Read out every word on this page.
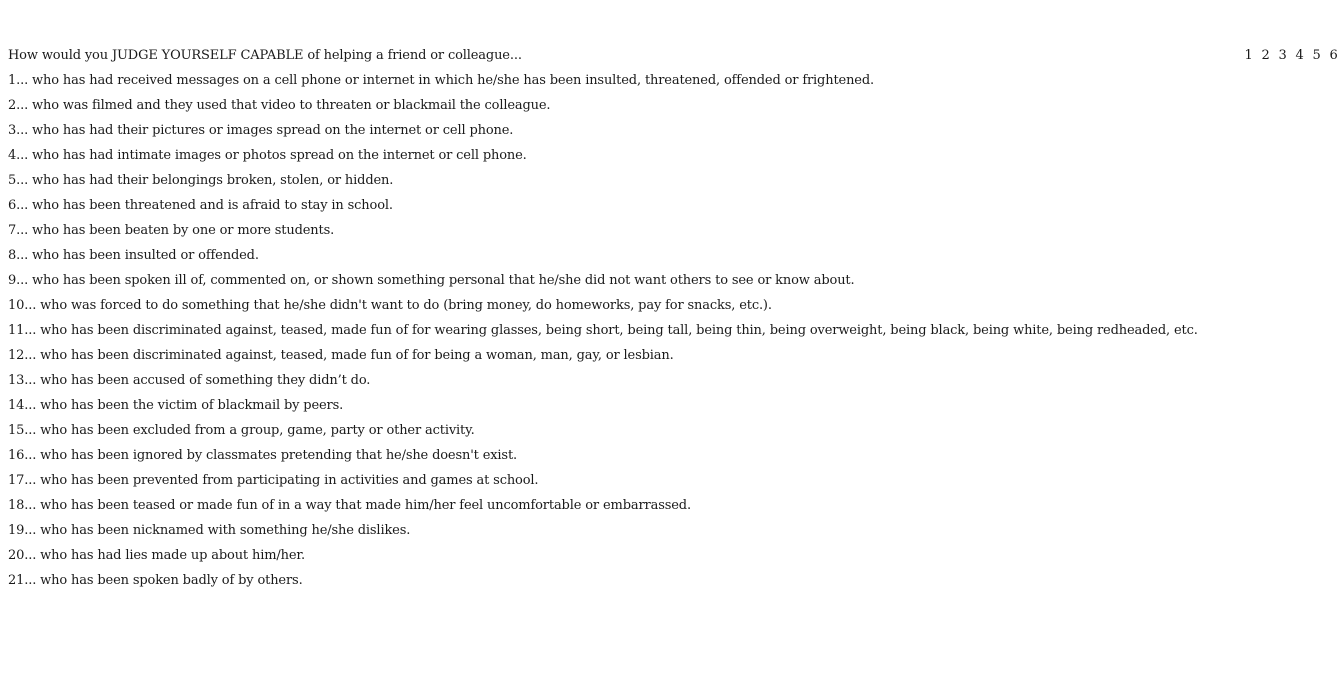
How would you JUDGE YOURSELF CAPABLE of helping a friend or colleague...	1 2 3 4 5 6
1... who has had received messages on a cell phone or internet in which he/she has been insulted, threatened, offended or frightened.
2... who was filmed and they used that video to threaten or blackmail the colleague.
3... who has had their pictures or images spread on the internet or cell phone.
4... who has had intimate images or photos spread on the internet or cell phone.
5... who has had their belongings broken, stolen, or hidden.
6... who has been threatened and is afraid to stay in school.
7... who has been beaten by one or more students.
8... who has been insulted or offended.
9... who has been spoken ill of, commented on, or shown something personal that he/she did not want others to see or know about.
10... who was forced to do something that he/she didn't want to do (bring money, do homeworks, pay for snacks, etc.).
11... who has been discriminated against, teased, made fun of for wearing glasses, being short, being tall, being thin, being overweight, being black, being white, being redheaded, etc.
12... who has been discriminated against, teased, made fun of for being a woman, man, gay, or lesbian.
13... who has been accused of something they didn’t do.
14... who has been the victim of blackmail by peers.
15... who has been excluded from a group, game, party or other activity.
16... who has been ignored by classmates pretending that he/she doesn't exist.
17... who has been prevented from participating in activities and games at school.
18... who has been teased or made fun of in a way that made him/her feel uncomfortable or embarrassed.
19... who has been nicknamed with something he/she dislikes.
20... who has had lies made up about him/her.
21... who has been spoken badly of by others.
